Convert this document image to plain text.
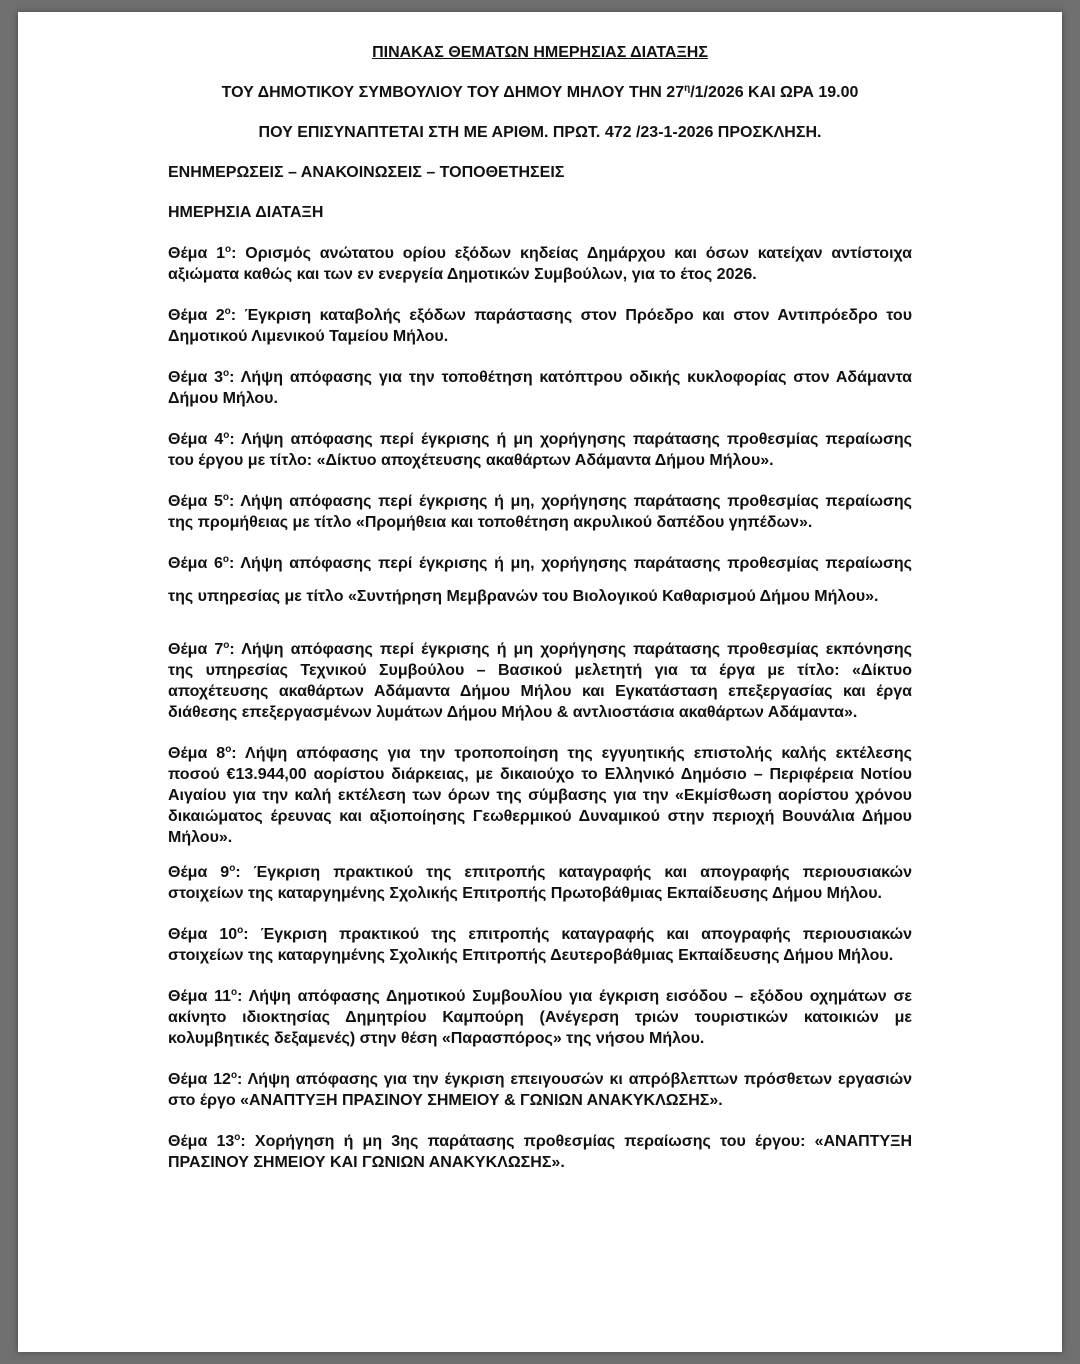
ΠΙΝΑΚΑΣ ΘΕΜΑΤΩΝ ΗΜΕΡΗΣΙΑΣ ΔΙΑΤΑΞΗΣ
ΤΟΥ ΔΗΜΟΤΙΚΟΥ ΣΥΜΒΟΥΛΙΟΥ ΤΟΥ ΔΗΜΟΥ ΜΗΛΟΥ ΤΗΝ $27^\eta/1/2026$ ΚΑΙ ΩΡΑ 19.00
ΠΟΥ ΕΠΙΣΥΝΑΠΤΕΤΑΙ ΣΤΗ ΜΕ ΑΡΙΘΜ. ΠΡΩΤ. 472 /23-1-2026 ΠΡΟΣΚΛΗΣΗ.
ΕΝΗΜΕΡΩΣΕΙΣ – ΑΝΑΚΟΙΝΩΣΕΙΣ – ΤΟΠΟΘΕΤΗΣΕΙΣ
ΗΜΕΡΗΣΙΑ ΔΙΑΤΑΞΗ
Θέμα $1^o$: Ορισμός ανώτατου ορίου εξόδων κηδείας Δημάρχου και όσων κατείχαν αντίστοιχα αξιώματα καθώς και των εν ενεργεία Δημοτικών Συμβούλων, για το έτος 2026.
Θέμα $2^o$: Έγκριση καταβολής εξόδων παράστασης στον Πρόεδρο και στον Αντιπρόεδρο του Δημοτικού Λιμενικού Ταμείου Μήλου.
Θέμα $3^o$: Λήψη απόφασης για την τοποθέτηση κατόπτρου οδικής κυκλοφορίας στον Αδάμαντα Δήμου Μήλου.
Θέμα $4^o$: Λήψη απόφασης περί έγκρισης ή μη χορήγησης παράτασης προθεσμίας περαίωσης του έργου με τίτλο: «Δίκτυο αποχέτευσης ακαθάρτων Αδάμαντα Δήμου Μήλου».
Θέμα $5^o$: Λήψη απόφασης περί έγκρισης ή μη, χορήγησης παράτασης προθεσμίας περαίωσης της προμήθειας με τίτλο «Προμήθεια και τοποθέτηση ακρυλικού δαπέδου γηπέδων».
Θέμα $6^o$: Λήψη απόφασης περί έγκρισης ή μη, χορήγησης παράτασης προθεσμίας περαίωσης της υπηρεσίας με τίτλο «Συντήρηση Μεμβρανών του Βιολογικού Καθαρισμού Δήμου Μήλου».
Θέμα $7^o$: Λήψη απόφασης περί έγκρισης ή μη χορήγησης παράτασης προθεσμίας εκπόνησης της υπηρεσίας Τεχνικού Συμβούλου – Βασικού μελετητή για τα έργα με τίτλο: «Δίκτυο αποχέτευσης ακαθάρτων Αδάμαντα Δήμου Μήλου και Εγκατάσταση επεξεργασίας και έργα διάθεσης επεξεργασμένων λυμάτων Δήμου Μήλου & αντλιοστάσια ακαθάρτων Αδάμαντα».
Θέμα $8^o$: Λήψη απόφασης για την τροποποίηση της εγγυητικής επιστολής καλής εκτέλεσης ποσού €13.944,00 αορίστου διάρκειας, με δικαιούχο το Ελληνικό Δημόσιο – Περιφέρεια Νοτίου Αιγαίου για την καλή εκτέλεση των όρων της σύμβασης για την «Εκμίσθωση αορίστου χρόνου δικαιώματος έρευνας και αξιοποίησης Γεωθερμικού Δυναμικού στην περιοχή Βουνάλια Δήμου Μήλου».
Θέμα $9^o$: Έγκριση πρακτικού της επιτροπής καταγραφής και απογραφής περιουσιακών στοιχείων της καταργημένης Σχολικής Επιτροπής Πρωτοβάθμιας Εκπαίδευσης Δήμου Μήλου.
Θέμα $10^o$: Έγκριση πρακτικού της επιτροπής καταγραφής και απογραφής περιουσιακών στοιχείων της καταργημένης Σχολικής Επιτροπής Δευτεροβάθμιας Εκπαίδευσης Δήμου Μήλου.
Θέμα $11^o$: Λήψη απόφασης Δημοτικού Συμβουλίου για έγκριση εισόδου – εξόδου οχημάτων σε ακίνητο ιδιοκτησίας Δημητρίου Καμπούρη (Ανέγερση τριών τουριστικών κατοικιών με κολυμβητικές δεξαμενές) στην θέση «Παρασπόρος» της νήσου Μήλου.
Θέμα $12^o$: Λήψη απόφασης για την έγκριση επειγουσών κι απρόβλεπτων πρόσθετων εργασιών στο έργο «ΑΝΑΠΤΥΞΗ ΠΡΑΣΙΝΟΥ ΣΗΜΕΙΟΥ & ΓΩΝΙΩΝ ΑΝΑΚΥΚΛΩΣΗΣ».
Θέμα $13^o$: Χορήγηση ή μη 3ης παράτασης προθεσμίας περαίωσης του έργου: «ΑΝΑΠΤΥΞΗ ΠΡΑΣΙΝΟΥ ΣΗΜΕΙΟΥ ΚΑΙ ΓΩΝΙΩΝ ΑΝΑΚΥΚΛΩΣΗΣ».
